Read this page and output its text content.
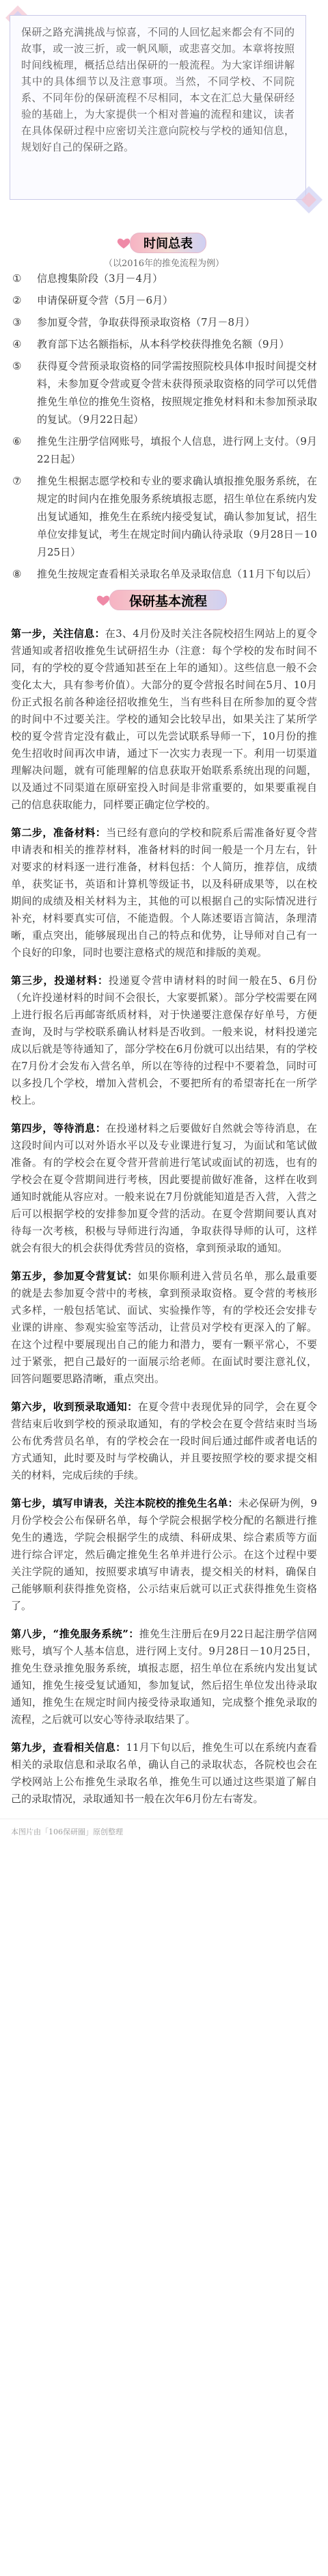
保研之路充满挑战与惊喜，不同的人回忆起来都会有不同的故事，或一波三折，或一帆风顺，或悲喜交加。本章将按照时间线梳理，概括总结出保研的一般流程。为大家详细讲解其中的具体细节以及注意事项。当然，不同学校、不同院系、不同年份的保研流程不尽相同，本文在汇总大量保研经验的基础上，为大家提供一个相对普遍的流程和建议，读者在具体保研过程中应密切关注意向院校与学校的通知信息，规划好自己的保研之路。

时间总表
（以2016年的推免流程为例）
①	信息搜集阶段（3月－4月）
②	申请保研夏令营（5月－6月）
③	参加夏令营，争取获得预录取资格（7月－8月）
④	教育部下达名额指标，从本科学校获得推免名额（9月）
⑤	获得夏令营预录取资格的同学需按照院校具体申报时间提交材料，未参加夏令营或夏令营未获得预录取资格的同学可以凭借推免生单位的推免生资格，按照规定推免材料和未参加预录取的复试。（9月22日起）
⑥	推免生注册学信网账号，填报个人信息，进行网上支付。（9月22日起）
⑦	推免生根据志愿学校和专业的要求确认填报推免服务系统，在规定的时间内在推免服务系统填报志愿，招生单位在系统内发出复试通知，推免生在系统内接受复试，确认参加复试，招生单位安排复试，考生在规定时间内确认待录取（9月28日－10月25日）
⑧	推免生按规定查看相关录取名单及录取信息（11月下旬以后）
保研基本流程

第一步，关注信息：在3、4月份及时关注各院校招生网站上的夏令营通知或者招收推免生试研招生办（注意：每个学校的发布时间不同，有的学校的夏令营通知甚至在上年的通知）。这些信息一般不会变化太大，具有参考价值）。大部分的夏令营报名时间在5月、10月份正式报名前各种途径招收推免生，当有些科目在所参加的夏令营的时间中不过要关注。学校的通知会比较早出，如果关注了某所学校的夏令营肯定没有截止，可以先尝试联系导师一下，10月份的推免生招收时间再次申请，通过下一次实力表现一下。利用一切渠道理解决问题，就有可能理解的信息获取开始联系系统出现的问题，以及通过不同渠道在原研室投入时间是非常重要的，如果要重视自己的信息获取能力，同样要正确定位学校的。

第二步，准备材料：当已经有意向的学校和院系后需准备好夏令营申请表和相关的推荐材料，准备材料的时间一般是一个月左右，针对要求的材料逐一进行准备，材料包括：个人简历，推荐信，成绩单，获奖证书，英语和计算机等级证书，以及科研成果等，以在校期间的成绩及相关材料为主，其他的可以根据自己的实际情况进行补充，材料要真实可信，不能造假。个人陈述要语言简洁，条理清晰，重点突出，能够展现出自己的特点和优势，让导师对自己有一个良好的印象，同时也要注意格式的规范和排版的美观。

第三步，投递材料：投递夏令营申请材料的时间一般在5、6月份（允许投递材料的时间不会很长，大家要抓紧）。部分学校需要在网上进行报名后再邮寄纸质材料，对于快递要注意保存好单号，方便查询，及时与学校联系确认材料是否收到。一般来说，材料投递完成以后就是等待通知了，部分学校在6月份就可以出结果，有的学校在7月份才会发布入营名单，所以在等待的过程中不要着急，同时可以多投几个学校，增加入营机会，不要把所有的希望寄托在一所学校上。

第四步，等待消息：在投递材料之后要做好自然就会等待消息，在这段时间内可以对外语水平以及专业课进行复习，为面试和笔试做准备。有的学校会在夏令营开营前进行笔试或面试的初选，也有的学校会在夏令营期间进行考核，因此要提前做好准备，这样在收到通知时就能从容应对。一般来说在7月份就能知道是否入营，入营之后可以根据学校的安排参加夏令营的活动。在夏令营期间要认真对待每一次考核，积极与导师进行沟通，争取获得导师的认可，这样就会有很大的机会获得优秀营员的资格，拿到预录取的通知。

第五步，参加夏令营复试：如果你顺利进入营员名单，那么最重要的就是去参加夏令营中的考核，拿到预录取资格。夏令营的考核形式多样，一般包括笔试、面试、实验操作等，有的学校还会安排专业课的讲座、参观实验室等活动，让营员对学校有更深入的了解。在这个过程中要展现出自己的能力和潜力，要有一颗平常心，不要过于紧张，把自己最好的一面展示给老师。在面试时要注意礼仪，回答问题要思路清晰，重点突出。

第六步，收到预录取通知：在夏令营中表现优异的同学，会在夏令营结束后收到学校的预录取通知，有的学校会在夏令营结束时当场公布优秀营员名单，有的学校会在一段时间后通过邮件或者电话的方式通知，此时要及时与学校确认，并且要按照学校的要求提交相关的材料，完成后续的手续。

第七步，填写申请表，关注本院校的推免生名单：未必保研为例，9月份学校会公布保研名单，每个学院会根据学校分配的名额进行推免生的遴选，学院会根据学生的成绩、科研成果、综合素质等方面进行综合评定，然后确定推免生名单并进行公示。在这个过程中要关注学院的通知，按照要求填写申请表，提交相关的材料，确保自己能够顺利获得推免资格，公示结束后就可以正式获得推免生资格了。

第八步，“推免服务系统”：推免生注册后在9月22日起注册学信网账号，填写个人基本信息，进行网上支付。9月28日－10月25日，推免生登录推免服务系统，填报志愿，招生单位在系统内发出复试通知，推免生接受复试通知，参加复试，然后招生单位发出待录取通知，推免生在规定时间内接受待录取通知，完成整个推免录取的流程，之后就可以安心等待录取结果了。

第九步，查看相关信息：11月下旬以后，推免生可以在系统内查看相关的录取信息和录取名单，确认自己的录取状态，各院校也会在学校网站上公布推免生录取名单，推免生可以通过这些渠道了解自己的录取情况，录取通知书一般在次年6月份左右寄发。

本图片由「106保研圈」原创整理
